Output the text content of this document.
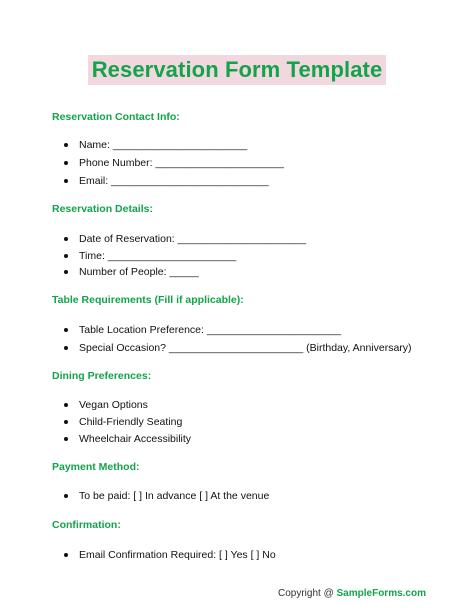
Reservation Form Template
Reservation Contact Info:
Name: _______________________
Phone Number: ______________________
Email: ___________________________
Reservation Details:
Date of Reservation: ______________________
Time: ______________________
Number of People: _____
Table Requirements (Fill if applicable):
Table Location Preference: _______________________
Special Occasion? _______________________ (Birthday, Anniversary)
Dining Preferences:
Vegan Options
Child-Friendly Seating
Wheelchair Accessibility
Payment Method:
To be paid: [ ] In advance [ ] At the venue
Confirmation:
Email Confirmation Required: [ ] Yes [ ] No
Copyright @ SampleForms.com
